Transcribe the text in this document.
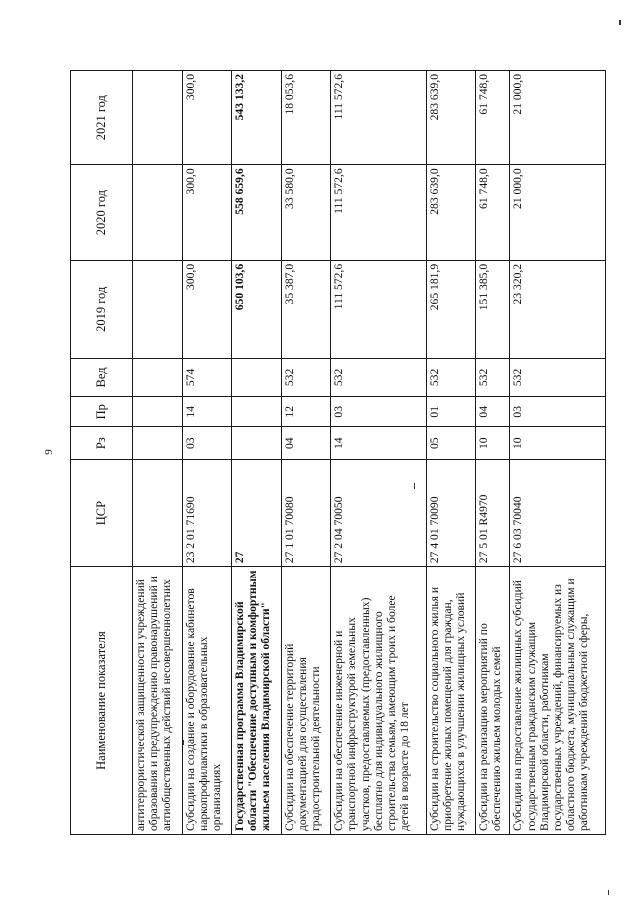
9
Наименование показателя	ЦСР	Рз	Пр	Вед	2019 год	2020 год	2021 год
антитеррористической защищенности учреждений образования и предупреждению правонарушений и антиобщественных действий несовершеннолетних							
Субсидии на создание и оборудование кабинетов наркопрофилактики в образовательных организациях	23 2 01 71690	03	14	574	300,0	300,0	300,0
Государственная программа Владимирской области "Обеспечение доступным и комфортным жильем населения Владимирской области"	27				650 103,6	558 659,6	543 133,2
Субсидии на обеспечение территорий документацией для осуществления градостроительной деятельности	27 1 01 70080	04	12	532	35 387,0	33 580,0	18 053,6
Субсидии на обеспечение инженерной и транспортной инфраструктурой земельных участков, предоставляемых (предоставленных) бесплатно для индивидуального жилищного строительства семьям, имеющим троих и более детей в возрасте до 18 лет	27 2 04 70050	14	03	532	111 572,6	111 572,6	111 572,6
Субсидии на строительство социального жилья и приобретение жилых помещений для граждан, нуждающихся в улучшении жилищных условий	27 4 01 70090	05	01	532	265 181,9	283 639,0	283 639,0
Субсидии на реализацию мероприятий по обеспечению жильем молодых семей	27 5 01 R4970	10	04	532	151 385,0	61 748,0	61 748,0
Субсидии на предоставление жилищных субсидий государственным гражданским служащим Владимирской области, работникам государственных учреждений, финансируемых из областного бюджета, муниципальным служащим и работникам учреждений бюджетной сферы,	27 6 03 70040	10	03	532	23 320,2	21 000,0	21 000,0
